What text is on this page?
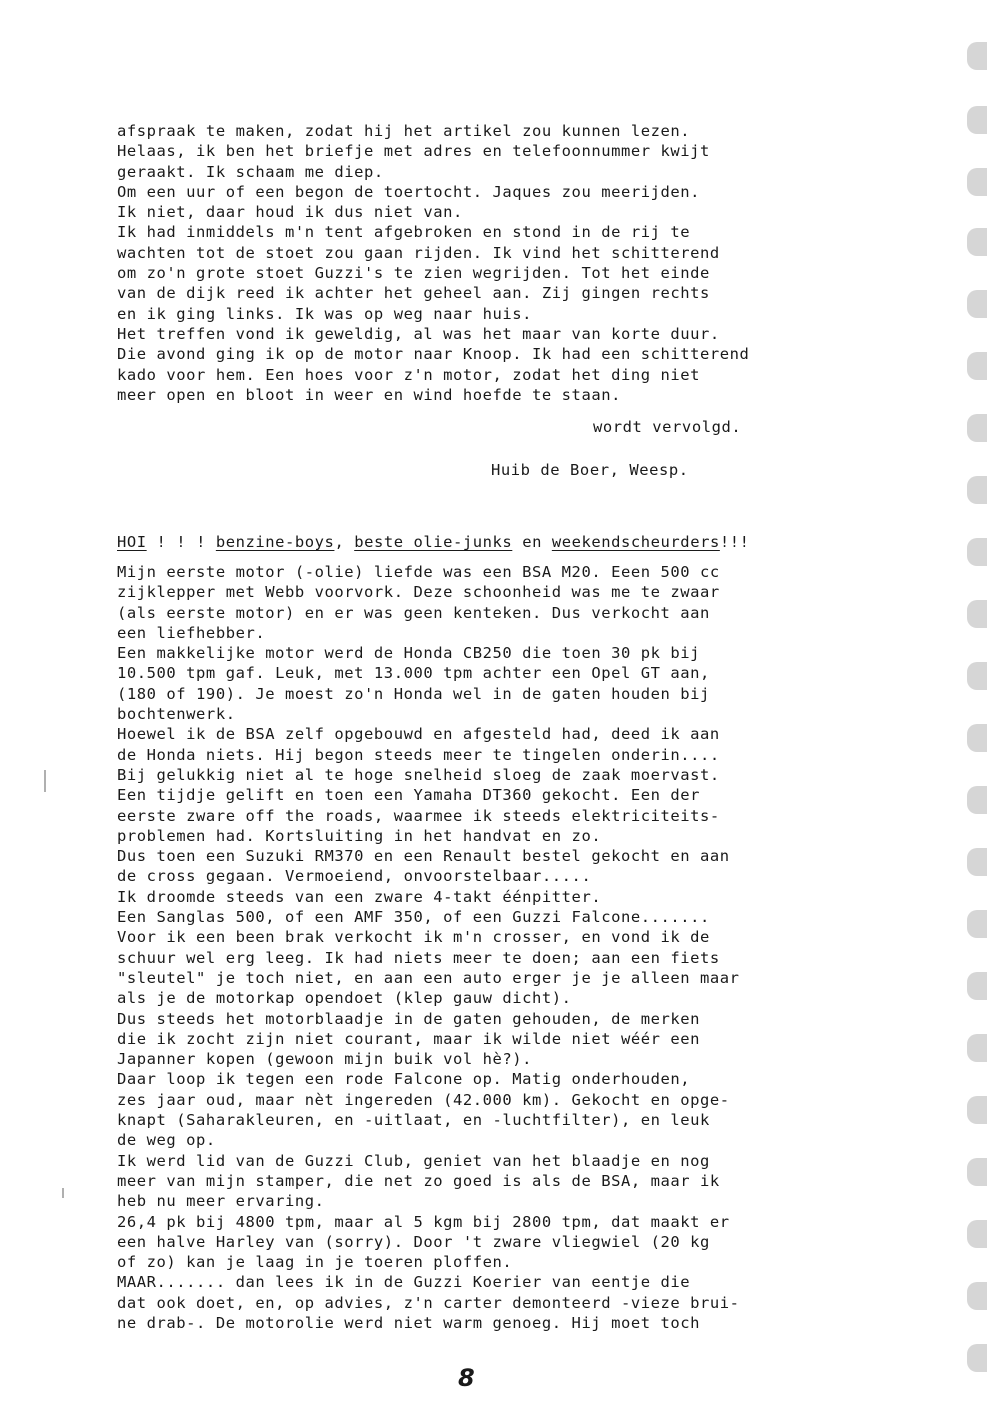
afspraak te maken, zodat hij het artikel zou kunnen lezen.
Helaas, ik ben het briefje met adres en telefoonnummer kwijt
geraakt. Ik schaam me diep.
Om een uur of een begon de toertocht. Jaques zou meerijden.
Ik niet, daar houd ik dus niet van.
Ik had inmiddels m'n tent afgebroken en stond in de rij te
wachten tot de stoet zou gaan rijden. Ik vind het schitterend
om zo'n grote stoet Guzzi's te zien wegrijden. Tot het einde
van de dijk reed ik achter het geheel aan. Zij gingen rechts
en ik ging links. Ik was op weg naar huis.
Het treffen vond ik geweldig, al was het maar van korte duur.
Die avond ging ik op de motor naar Knoop. Ik had een schitterend
kado voor hem. Een hoes voor z'n motor, zodat het ding niet
meer open en bloot in weer en wind hoefde te staan.
wordt vervolgd.
Huib de Boer, Weesp.
HOI ! ! ! benzine-boys, beste olie-junks en weekendscheurders!!!
Mijn eerste motor (-olie) liefde was een BSA M20. Eeen 500 cc
zijklepper met Webb voorvork. Deze schoonheid was me te zwaar
(als eerste motor) en er was geen kenteken. Dus verkocht aan
een liefhebber.
Een makkelijke motor werd de Honda CB250 die toen 30 pk bij
10.500 tpm gaf. Leuk, met 13.000 tpm achter een Opel GT aan,
(180 of 190). Je moest zo'n Honda wel in de gaten houden bij
bochtenwerk.
Hoewel ik de BSA zelf opgebouwd en afgesteld had, deed ik aan
de Honda niets. Hij begon steeds meer te tingelen onderin....
Bij gelukkig niet al te hoge snelheid sloeg de zaak moervast.
Een tijdje gelift en toen een Yamaha DT360 gekocht. Een der
eerste zware off the roads, waarmee ik steeds elektriciteits-
problemen had. Kortsluiting in het handvat en zo.
Dus toen een Suzuki RM370 en een Renault bestel gekocht en aan
de cross gegaan. Vermoeiend, onvoorstelbaar.....
Ik droomde steeds van een zware 4-takt éénpitter.
Een Sanglas 500, of een AMF 350, of een Guzzi Falcone.......
Voor ik een been brak verkocht ik m'n crosser, en vond ik de
schuur wel erg leeg. Ik had niets meer te doen; aan een fiets
"sleutel" je toch niet, en aan een auto erger je je alleen maar
als je de motorkap opendoet (klep gauw dicht).
Dus steeds het motorblaadje in de gaten gehouden, de merken
die ik zocht zijn niet courant, maar ik wilde niet wéér een
Japanner kopen (gewoon mijn buik vol hè?).
Daar loop ik tegen een rode Falcone op. Matig onderhouden,
zes jaar oud, maar nèt ingereden (42.000 km). Gekocht en opge-
knapt (Saharakleuren, en -uitlaat, en -luchtfilter), en leuk
de weg op.
Ik werd lid van de Guzzi Club, geniet van het blaadje en nog
meer van mijn stamper, die net zo goed is als de BSA, maar ik
heb nu meer ervaring.
26,4 pk bij 4800 tpm, maar al 5 kgm bij 2800 tpm, dat maakt er
een halve Harley van (sorry). Door 't zware vliegwiel (20 kg
of zo) kan je laag in je toeren ploffen.
MAAR....... dan lees ik in de Guzzi Koerier van eentje die
dat ook doet, en, op advies, z'n carter demonteerd -vieze brui-
ne drab-. De motorolie werd niet warm genoeg. Hij moet toch
8
